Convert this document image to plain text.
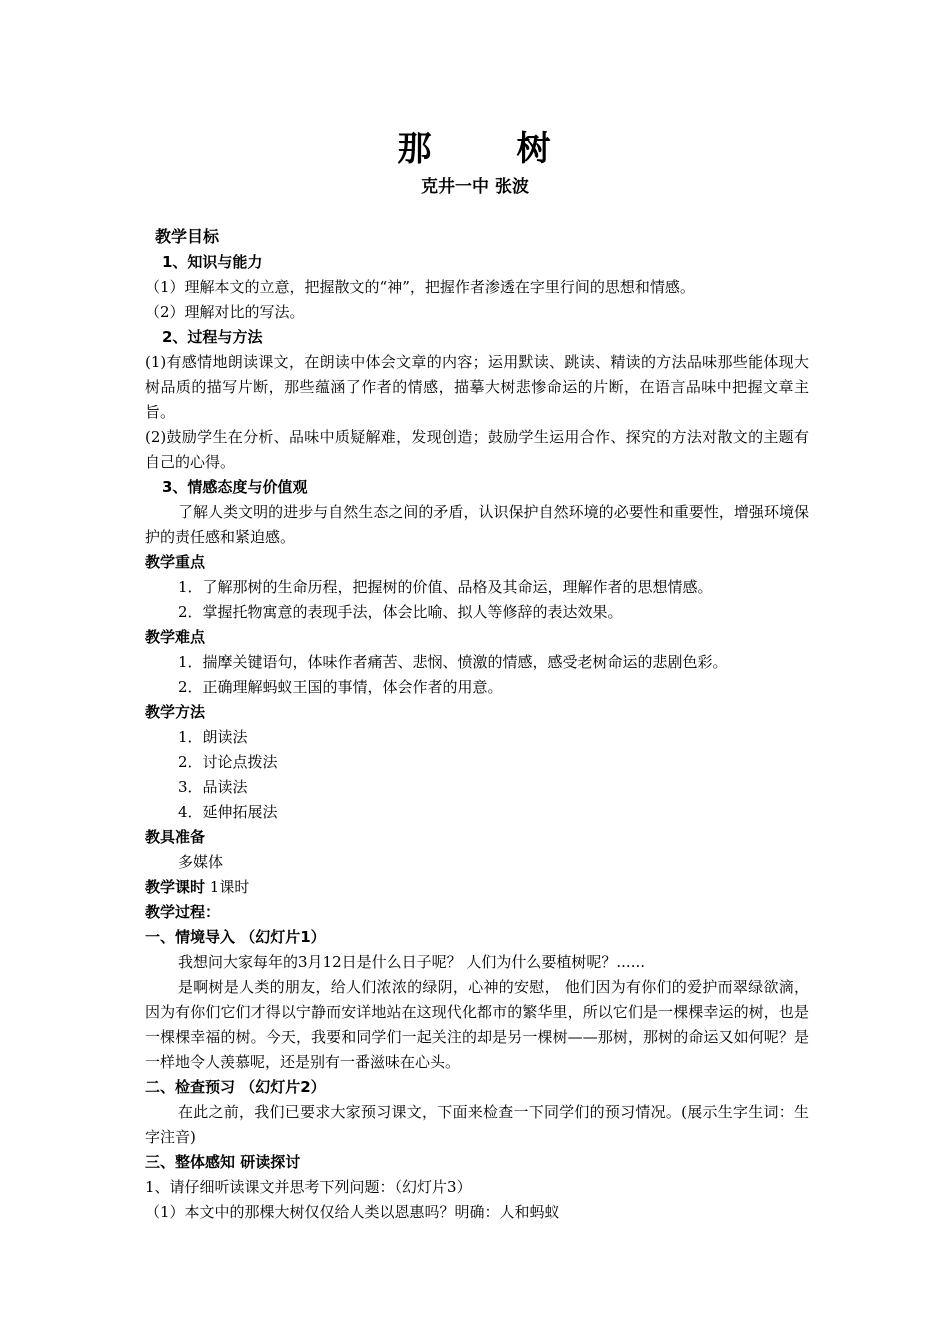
那 树
克井一中 张波

教学目标

1、知识与能力

（1）理解本文的立意，把握散文的“神”，把握作者渗透在字里行间的思想和情感。

（2）理解对比的写法。

2、过程与方法

(1)有感情地朗读课文，在朗读中体会文章的内容；运用默读、跳读、精读的方法品味那些能体现大树品质的描写片断，那些蕴涵了作者的情感，描摹大树悲惨命运的片断，在语言品味中把握文章主旨。

(2)鼓励学生在分析、品味中质疑解难，发现创造；鼓励学生运用合作、探究的方法对散文的主题有自己的心得。

3、情感态度与价值观

了解人类文明的进步与自然生态之间的矛盾，认识保护自然环境的必要性和重要性，增强环境保护的责任感和紧迫感。

教学重点

1．了解那树的生命历程，把握树的价值、品格及其命运，理解作者的思想情感。

2．掌握托物寓意的表现手法，体会比喻、拟人等修辞的表达效果。

教学难点

1．揣摩关键语句，体味作者痛苦、悲悯、愤激的情感，感受老树命运的悲剧色彩。

2．正确理解蚂蚁王国的事情，体会作者的用意。

教学方法

1．朗读法

2．讨论点拨法

3．品读法

4．延伸拓展法

教具准备

多媒体

教学课时 1课时

教学过程：

一、情境导入 （幻灯片1）

我想问大家每年的3月12日是什么日子呢？ 人们为什么要植树呢？......

是啊树是人类的朋友，给人们浓浓的绿阴，心神的安慰， 他们因为有你们的爱护而翠绿欲滴，因为有你们它们才得以宁静而安详地站在这现代化都市的繁华里，所以它们是一棵棵幸运的树，也是一棵棵幸福的树。今天，我要和同学们一起关注的却是另一棵树——那树，那树的命运又如何呢？是一样地令人羡慕呢，还是别有一番滋味在心头。

二、检查预习 （幻灯片2）

在此之前，我们已要求大家预习课文，下面来检查一下同学们的预习情况。(展示生字生词：生字注音)

三、整体感知 研读探讨

1、请仔细听读课文并思考下列问题：（幻灯片3）

（1）本文中的那棵大树仅仅给人类以恩惠吗？明确：人和蚂蚁
